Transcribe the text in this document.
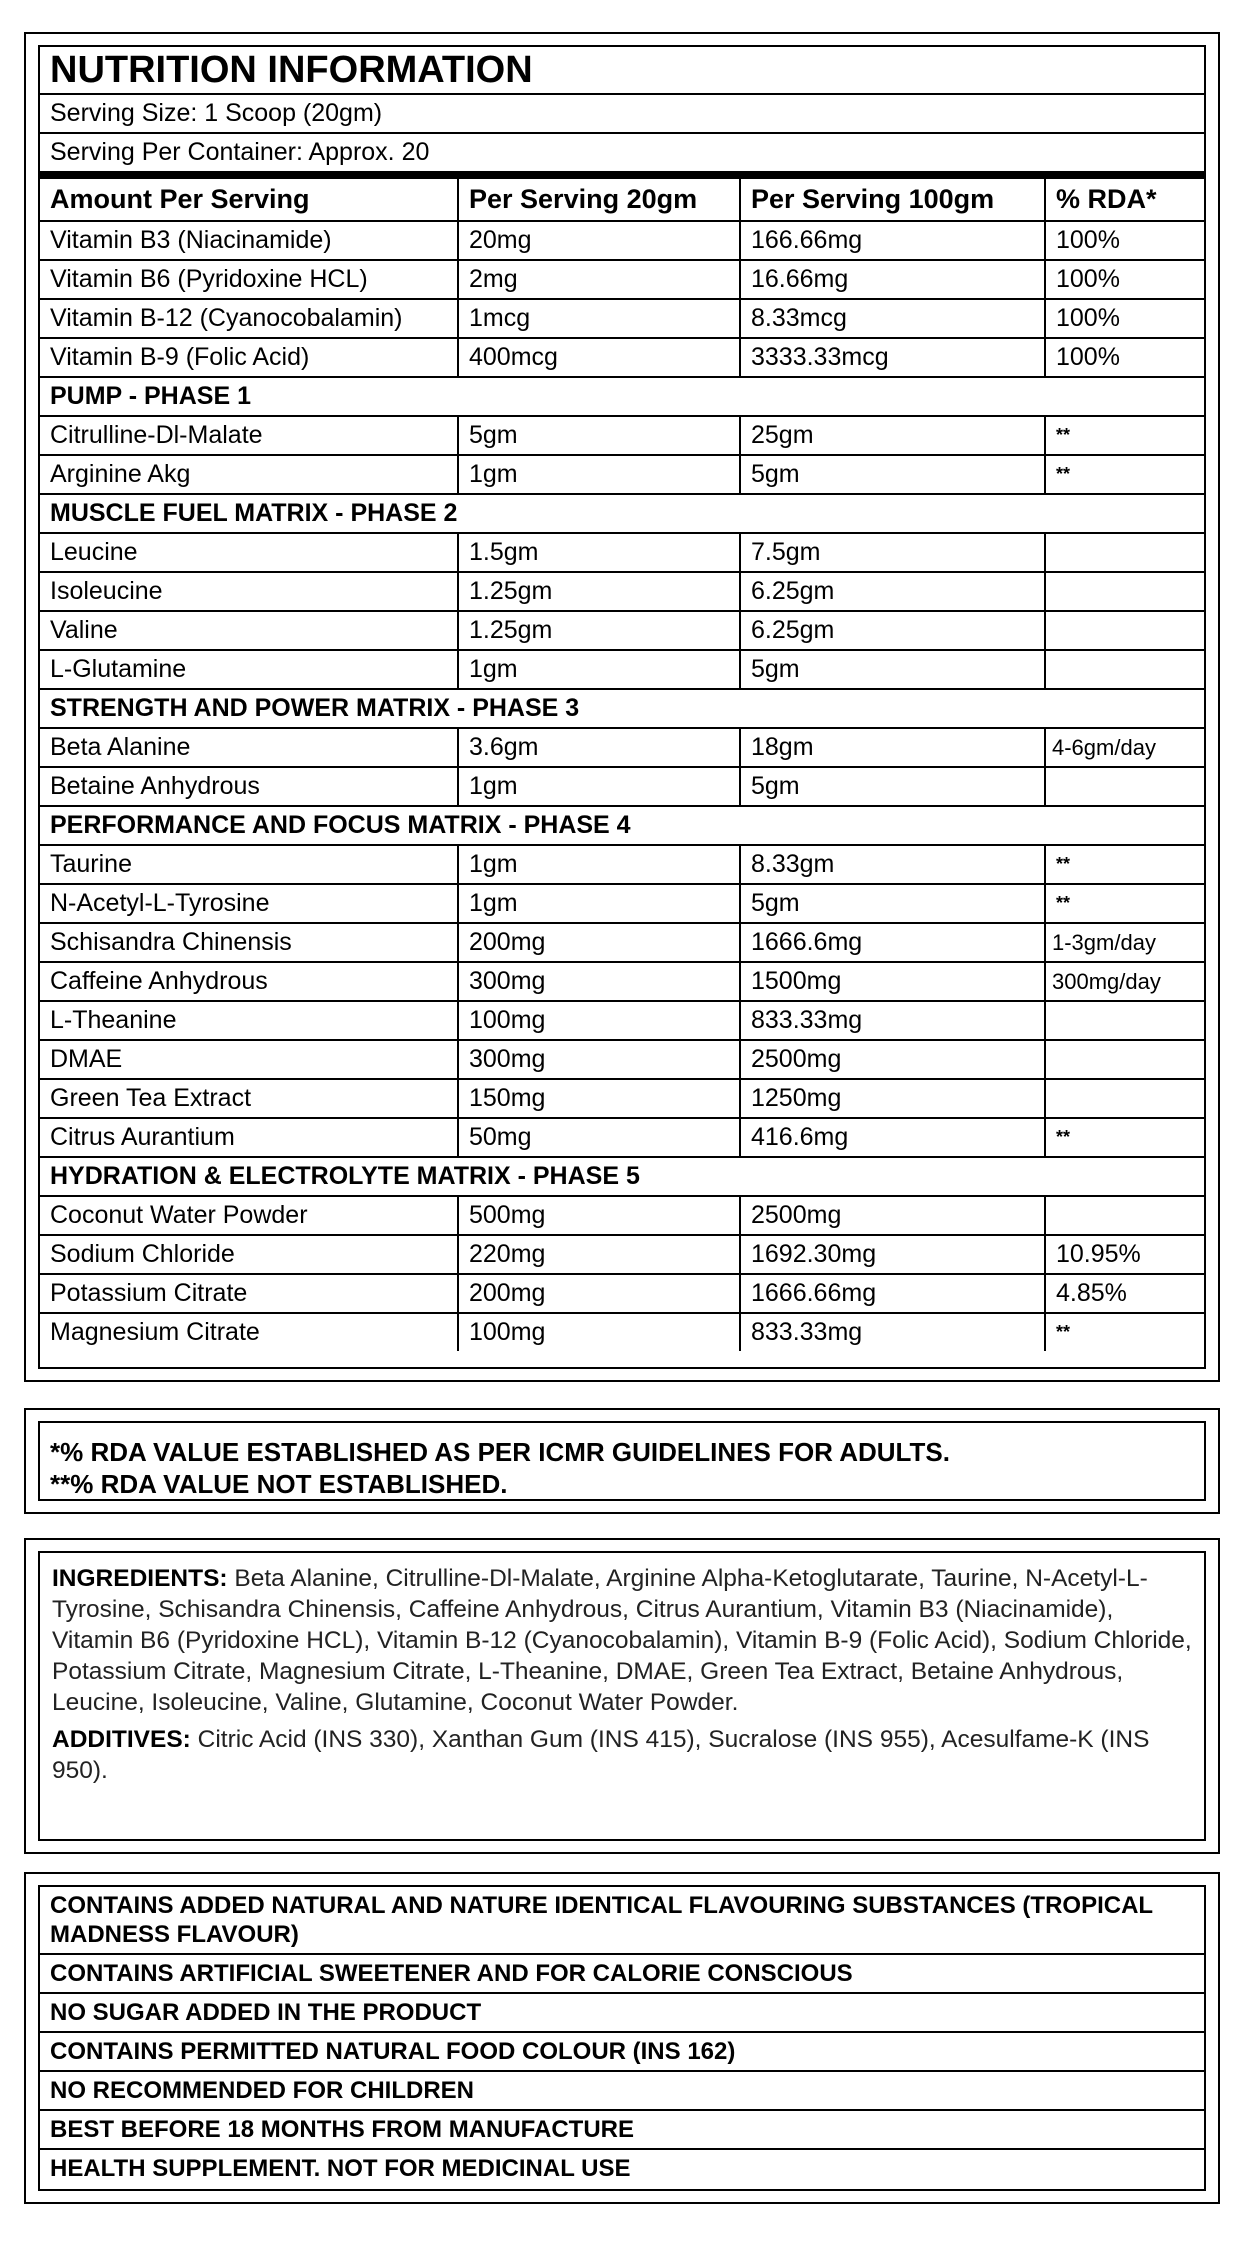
NUTRITION INFORMATION
Serving Size: 1 Scoop (20gm)
Serving Per Container: Approx. 20
Amount Per Serving	Per Serving 20gm	Per Serving 100gm	% RDA*
Vitamin B3 (Niacinamide)	20mg	166.66mg	100%
Vitamin B6 (Pyridoxine HCL)	2mg	16.66mg	100%
Vitamin B-12 (Cyanocobalamin)	1mcg	8.33mcg	100%
Vitamin B-9 (Folic Acid)	400mcg	3333.33mcg	100%
PUMP - PHASE 1			
Citrulline-Dl-Malate	5gm	25gm	**
Arginine Akg	1gm	5gm	**
MUSCLE FUEL MATRIX - PHASE 2			
Leucine	1.5gm	7.5gm	
Isoleucine	1.25gm	6.25gm	
Valine	1.25gm	6.25gm	
L-Glutamine	1gm	5gm	
STRENGTH AND POWER MATRIX - PHASE 3			
Beta Alanine	3.6gm	18gm	4-6gm/day
Betaine Anhydrous	1gm	5gm	
PERFORMANCE AND FOCUS MATRIX - PHASE 4			
Taurine	1gm	8.33gm	**
N-Acetyl-L-Tyrosine	1gm	5gm	**
Schisandra Chinensis	200mg	1666.6mg	1-3gm/day
Caffeine Anhydrous	300mg	1500mg	300mg/day
L-Theanine	100mg	833.33mg	
DMAE	300mg	2500mg	
Green Tea Extract	150mg	1250mg	
Citrus Aurantium	50mg	416.6mg	**
HYDRATION & ELECTROLYTE MATRIX - PHASE 5			
Coconut Water Powder	500mg	2500mg	
Sodium Chloride	220mg	1692.30mg	10.95%
Potassium Citrate	200mg	1666.66mg	4.85%
Magnesium Citrate	100mg	833.33mg	**
*% RDA VALUE ESTABLISHED AS PER ICMR GUIDELINES FOR ADULTS.
**% RDA VALUE NOT ESTABLISHED.

INGREDIENTS: Beta Alanine, Citrulline-Dl-Malate, Arginine Alpha-Ketoglutarate, Taurine, N-Acetyl-L-Tyrosine, Schisandra Chinensis, Caffeine Anhydrous, Citrus Aurantium, Vitamin B3 (Niacinamide), Vitamin B6 (Pyridoxine HCL), Vitamin B-12 (Cyanocobalamin), Vitamin B-9 (Folic Acid), Sodium Chloride, Potassium Citrate, Magnesium Citrate, L-Theanine, DMAE, Green Tea Extract, Betaine Anhydrous, Leucine, Isoleucine, Valine, Glutamine, Coconut Water Powder.

ADDITIVES: Citric Acid (INS 330), Xanthan Gum (INS 415), Sucralose (INS 955), Acesulfame-K (INS 950).

CONTAINS ADDED NATURAL AND NATURE IDENTICAL FLAVOURING SUBSTANCES (TROPICAL MADNESS FLAVOUR)
CONTAINS ARTIFICIAL SWEETENER AND FOR CALORIE CONSCIOUS
NO SUGAR ADDED IN THE PRODUCT
CONTAINS PERMITTED NATURAL FOOD COLOUR (INS 162)
NO RECOMMENDED FOR CHILDREN
BEST BEFORE 18 MONTHS FROM MANUFACTURE
HEALTH SUPPLEMENT. NOT FOR MEDICINAL USE
